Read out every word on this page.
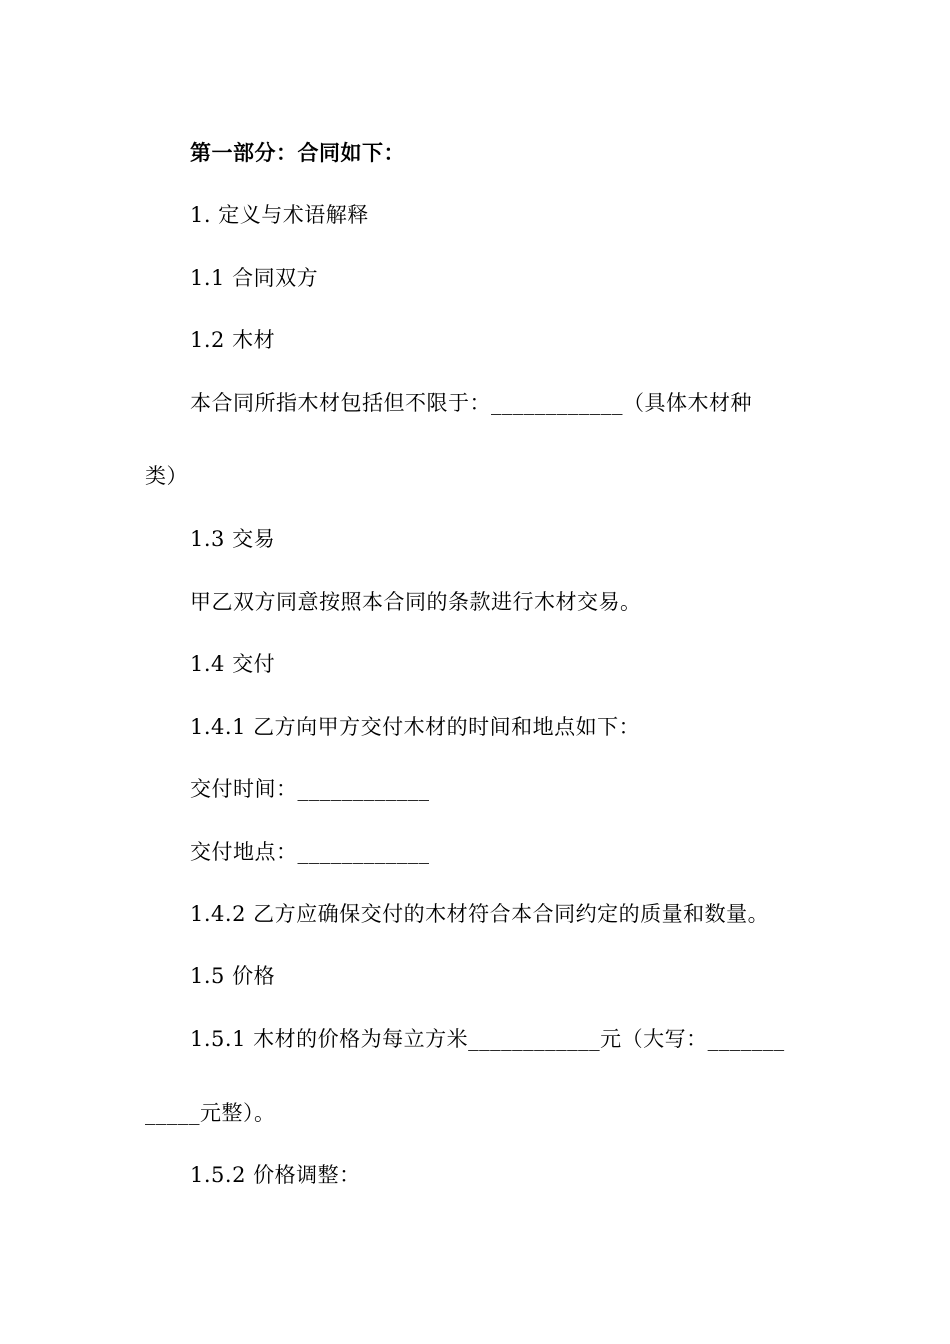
第一部分：合同如下：
1. 定义与术语解释
1.1 合同双方
1.2 木材
本合同所指木材包括但不限于：____________（具体木材种
类）
1.3 交易
甲乙双方同意按照本合同的条款进行木材交易。
1.4 交付
1.4.1 乙方向甲方交付木材的时间和地点如下：
交付时间：____________
交付地点：____________
1.4.2 乙方应确保交付的木材符合本合同约定的质量和数量。
1.5 价格
1.5.1 木材的价格为每立方米____________元（大写：_______
_____元整）。
1.5.2 价格调整：
